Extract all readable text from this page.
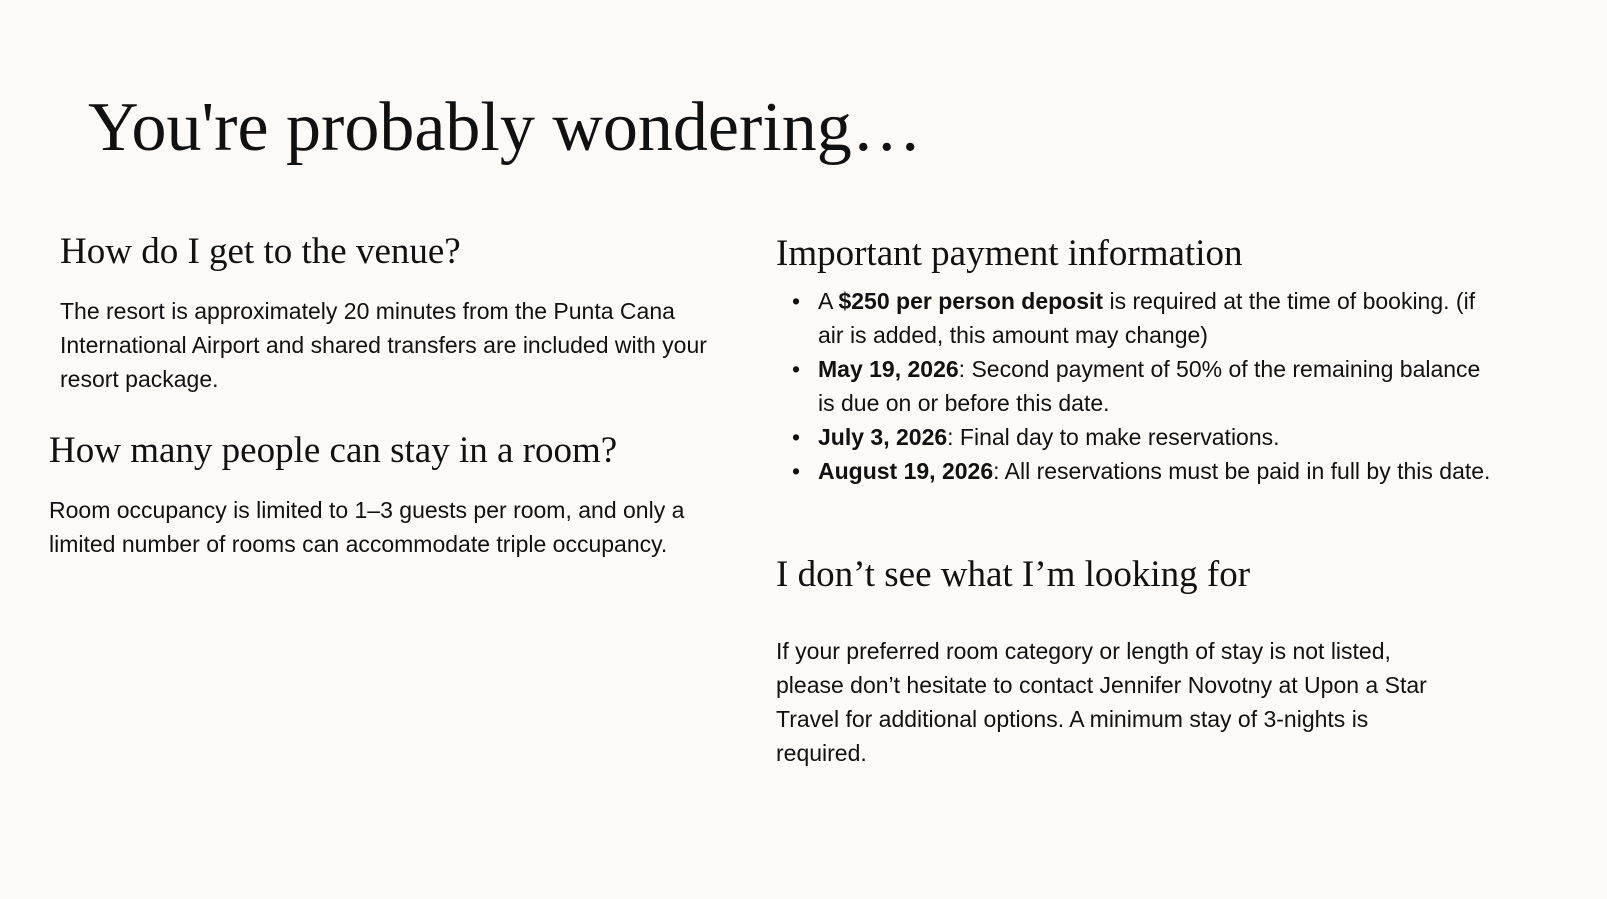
You're probably wondering…
How do I get to the venue?

The resort is approximately 20 minutes from the Punta Cana International Airport and shared transfers are included with your resort package.

How many people can stay in a room?

Room occupancy is limited to 1–3 guests per room, and only a limited number of rooms can accommodate triple occupancy.

Important payment information
• A $250 per person deposit is required at the time of booking. (if air is added, this amount may change)
• May 19, 2026: Second payment of 50% of the remaining balance is due on or before this date.
• July 3, 2026: Final day to make reservations.
• August 19, 2026: All reservations must be paid in full by this date.
I don’t see what I’m looking for

If your preferred room category or length of stay is not listed, please don’t hesitate to contact Jennifer Novotny at Upon a Star Travel for additional options. A minimum stay of 3-nights is required.
